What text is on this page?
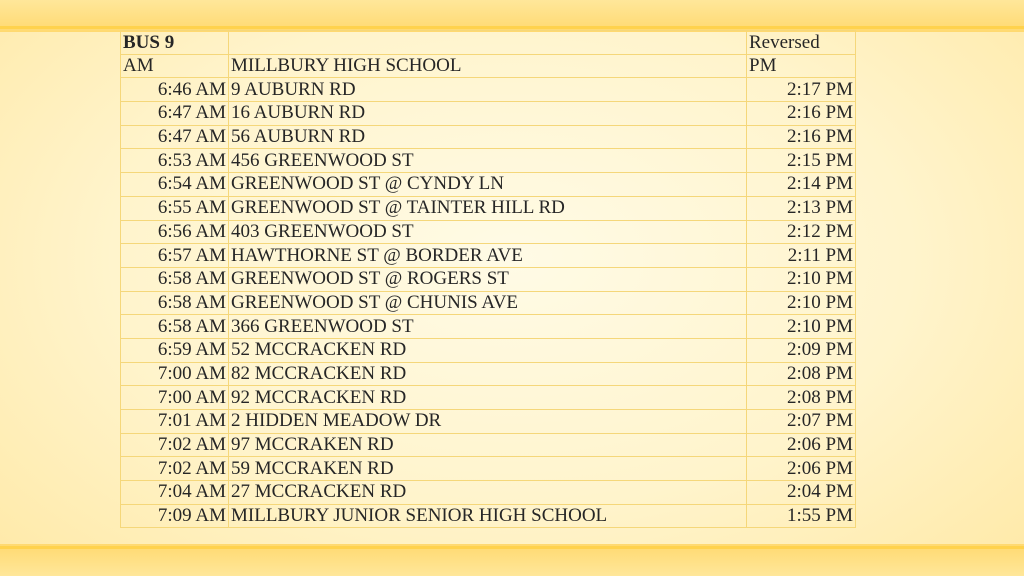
BUS 9		Reversed
AM	MILLBURY HIGH SCHOOL	PM
6:46 AM	9 AUBURN RD	2:17 PM
6:47 AM	16 AUBURN RD	2:16 PM
6:47 AM	56 AUBURN RD	2:16 PM
6:53 AM	456 GREENWOOD ST	2:15 PM
6:54 AM	GREENWOOD ST @ CYNDY LN	2:14 PM
6:55 AM	GREENWOOD ST @ TAINTER HILL RD	2:13 PM
6:56 AM	403 GREENWOOD ST	2:12 PM
6:57 AM	HAWTHORNE ST @ BORDER AVE	2:11 PM
6:58 AM	GREENWOOD ST @ ROGERS ST	2:10 PM
6:58 AM	GREENWOOD ST @ CHUNIS AVE	2:10 PM
6:58 AM	366 GREENWOOD ST	2:10 PM
6:59 AM	52 MCCRACKEN RD	2:09 PM
7:00 AM	82 MCCRACKEN RD	2:08 PM
7:00 AM	92 MCCRACKEN RD	2:08 PM
7:01 AM	2 HIDDEN MEADOW DR	2:07 PM
7:02 AM	97 MCCRAKEN RD	2:06 PM
7:02 AM	59 MCCRAKEN RD	2:06 PM
7:04 AM	27 MCCRACKEN RD	2:04 PM
7:09 AM	MILLBURY JUNIOR SENIOR HIGH SCHOOL	1:55 PM
